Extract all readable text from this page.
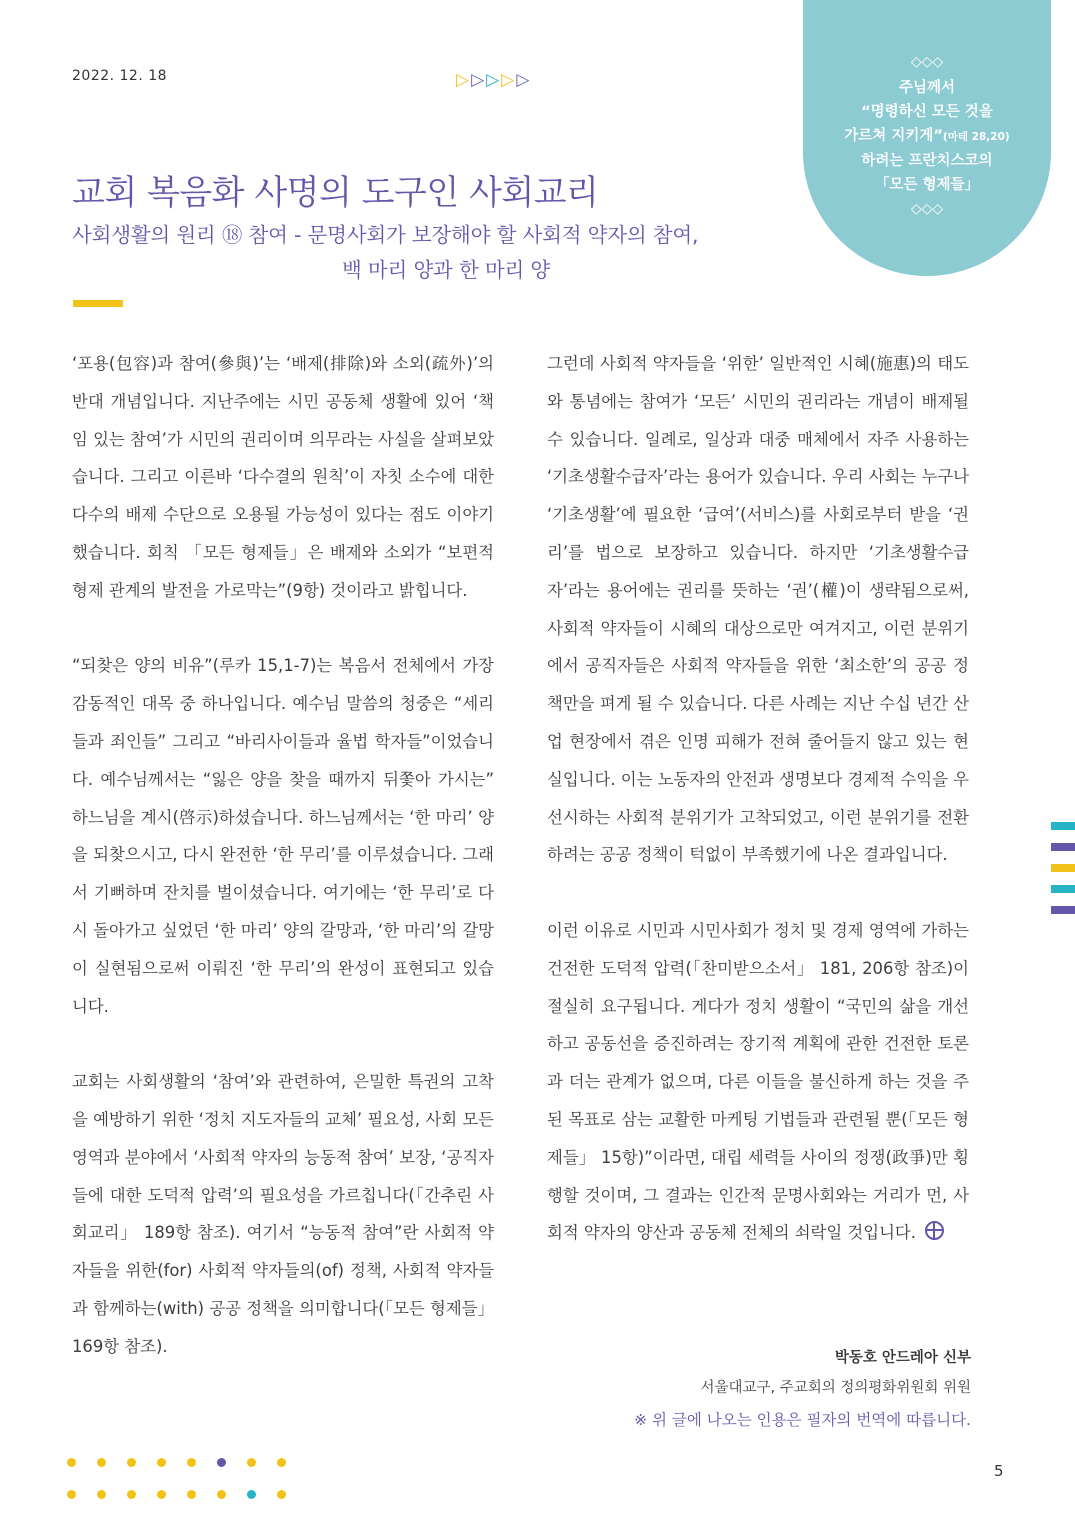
2022. 12. 18	▷ ▷ ▷ ▷ ▷
◇◇◇
주님께서
“명령하신 모든 것을
가르쳐 지키게”(마태 28,20)
하려는 프란치스코의
「모든 형제들」
◇◇◇
교회 복음화 사명의 도구인 사회교리
사회생활의 원리 ⑱ 참여 - 문명사회가 보장해야 할 사회적 약자의 참여,
백 마리 양과 한 마리 양

‘포용(包容)과 참여(參與)’는 ‘배제(排除)와 소외(疏外)’의 반대 개념입니다. 지난주에는 시민 공동체 생활에 있어 ‘책임 있는 참여’가 시민의 권리이며 의무라는 사실을 살펴보았습니다. 그리고 이른바 ‘다수결의 원칙’이 자칫 소수에 대한 다수의 배제 수단으로 오용될 가능성이 있다는 점도 이야기했습니다. 회칙 「모든 형제들」은 배제와 소외가 “보편적 형제 관계의 발전을 가로막는”(9항) 것이라고 밝힙니다.

“되찾은 양의 비유”(루카 15,1-7)는 복음서 전체에서 가장 감동적인 대목 중 하나입니다. 예수님 말씀의 청중은 “세리들과 죄인들” 그리고 “바리사이들과 율법 학자들”이었습니다. 예수님께서는 “잃은 양을 찾을 때까지 뒤쫓아 가시는” 하느님을 계시(啓示)하셨습니다. 하느님께서는 ‘한 마리’ 양을 되찾으시고, 다시 완전한 ‘한 무리’를 이루셨습니다. 그래서 기뻐하며 잔치를 벌이셨습니다. 여기에는 ‘한 무리’로 다시 돌아가고 싶었던 ‘한 마리’ 양의 갈망과, ‘한 마리’의 갈망이 실현됨으로써 이뤄진 ‘한 무리’의 완성이 표현되고 있습니다.

교회는 사회생활의 ‘참여’와 관련하여, 은밀한 특권의 고착을 예방하기 위한 ‘정치 지도자들의 교체’ 필요성, 사회 모든 영역과 분야에서 ‘사회적 약자의 능동적 참여’ 보장, ‘공직자들에 대한 도덕적 압력’의 필요성을 가르칩니다(「간추린 사회교리」 189항 참조). 여기서 “능동적 참여”란 사회적 약자들을 위한(for) 사회적 약자들의(of) 정책, 사회적 약자들과 함께하는(with) 공공 정책을 의미합니다(「모든 형제들」 169항 참조).

그런데 사회적 약자들을 ‘위한’ 일반적인 시혜(施惠)의 태도와 통념에는 참여가 ‘모든’ 시민의 권리라는 개념이 배제될 수 있습니다. 일례로, 일상과 대중 매체에서 자주 사용하는 ‘기초생활수급자’라는 용어가 있습니다. 우리 사회는 누구나 ‘기초생활’에 필요한 ‘급여’(서비스)를 사회로부터 받을 ‘권리’를 법으로 보장하고 있습니다. 하지만 ‘기초생활수급자’라는 용어에는 권리를 뜻하는 ‘권’(權)이 생략됨으로써, 사회적 약자들이 시혜의 대상으로만 여겨지고, 이런 분위기에서 공직자들은 사회적 약자들을 위한 ‘최소한’의 공공 정책만을 펴게 될 수 있습니다. 다른 사례는 지난 수십 년간 산업 현장에서 겪은 인명 피해가 전혀 줄어들지 않고 있는 현실입니다. 이는 노동자의 안전과 생명보다 경제적 수익을 우선시하는 사회적 분위기가 고착되었고, 이런 분위기를 전환하려는 공공 정책이 턱없이 부족했기에 나온 결과입니다.

이런 이유로 시민과 시민사회가 정치 및 경제 영역에 가하는 건전한 도덕적 압력(「찬미받으소서」 181, 206항 참조)이 절실히 요구됩니다. 게다가 정치 생활이 “국민의 삶을 개선하고 공동선을 증진하려는 장기적 계획에 관한 건전한 토론과 더는 관계가 없으며, 다른 이들을 불신하게 하는 것을 주된 목표로 삼는 교활한 마케팅 기법들과 관련될 뿐(「모든 형제들」 15항)”이라면, 대립 세력들 사이의 정쟁(政爭)만 횡행할 것이며, 그 결과는 인간적 문명사회와는 거리가 먼, 사회적 약자의 양산과 공동체 전체의 쇠락일 것입니다.

박동호 안드레아 신부
서울대교구, 주교회의 정의평화위원회 위원
※ 위 글에 나오는 인용은 필자의 번역에 따릅니다.
5
